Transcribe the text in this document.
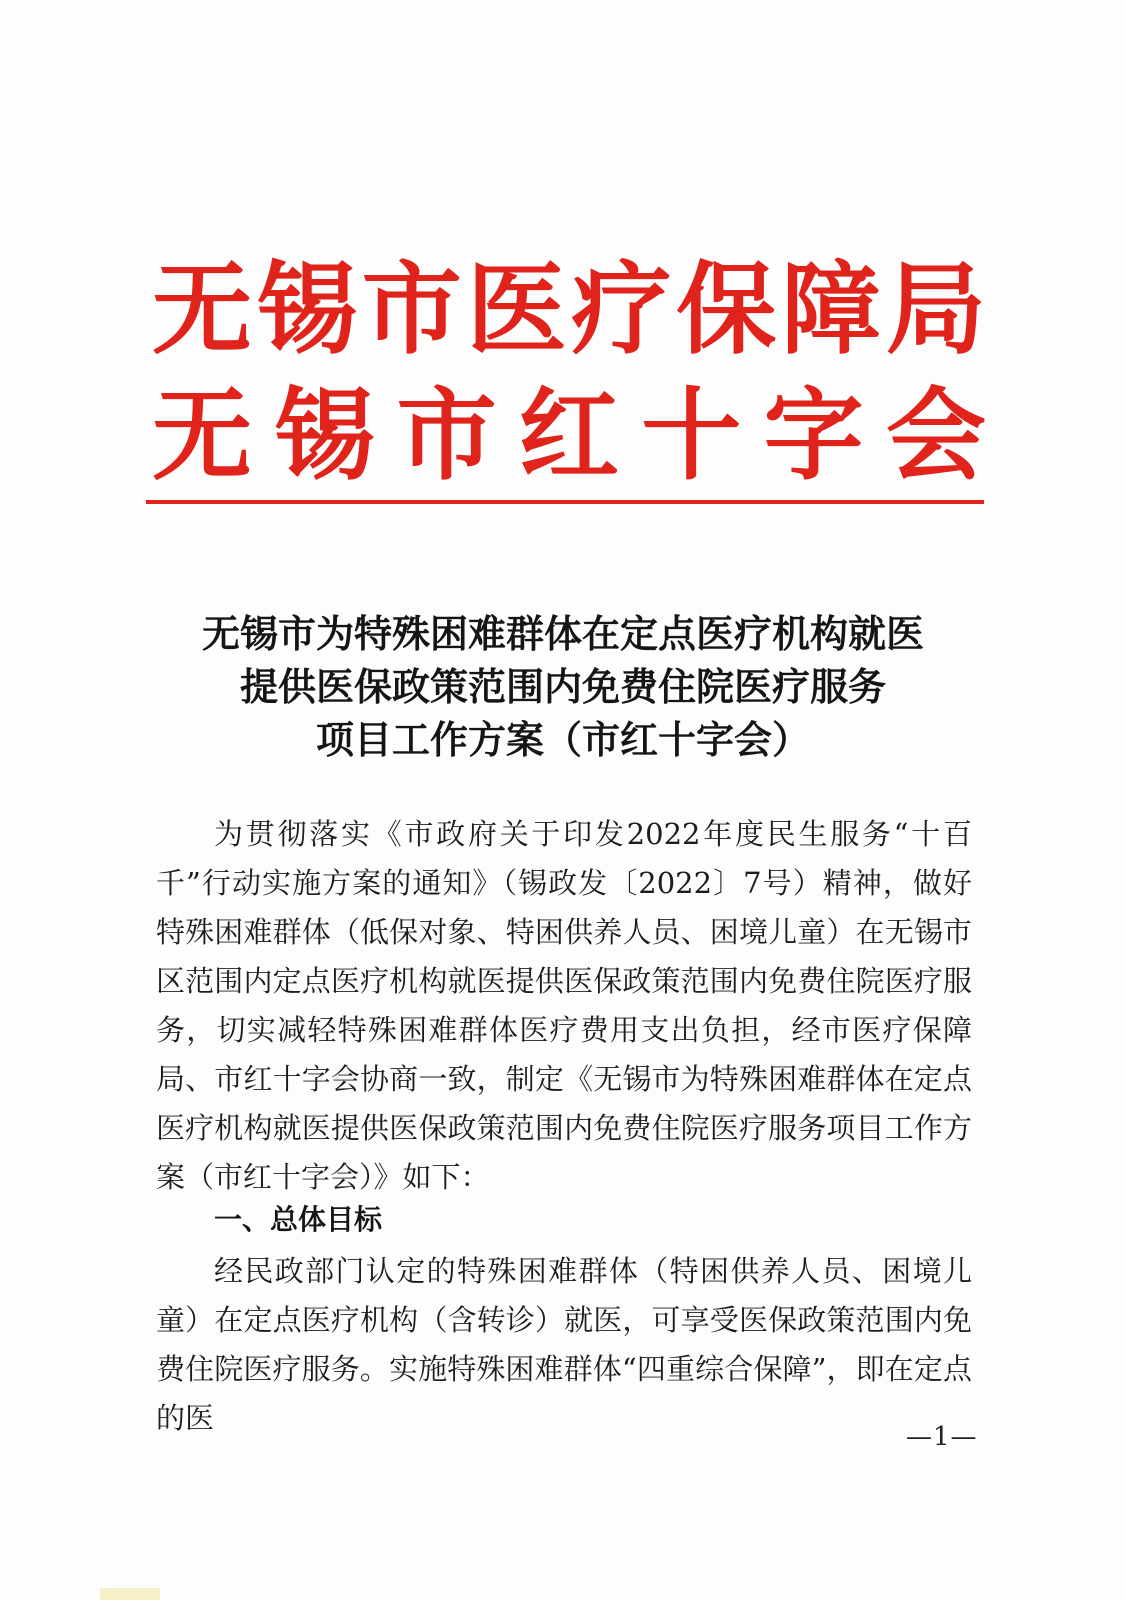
无 锡 市 医 疗 保 障 局
无 锡 市 红 十 字 会
无锡市为特殊困难群体在定点医疗机构就医
提供医保政策范围内免费住院医疗服务
项目工作方案（市红十字会）

为贯彻落实《市政府关于印发2022年度民生服务“十百千”行动实施方案的通知》（锡政发〔2022〕7号）精神，做好特殊困难群体（低保对象、特困供养人员、困境儿童）在无锡市区范围内定点医疗机构就医提供医保政策范围内免费住院医疗服务，切实减轻特殊困难群体医疗费用支出负担，经市医疗保障局、市红十字会协商一致，制定《无锡市为特殊困难群体在定点医疗机构就医提供医保政策范围内免费住院医疗服务项目工作方案（市红十字会）》如下：

一、总体目标

经民政部门认定的特殊困难群体（特困供养人员、困境儿童）在定点医疗机构（含转诊）就医，可享受医保政策范围内免费住院医疗服务。实施特殊困难群体“四重综合保障”，即在定点的医

—1—
